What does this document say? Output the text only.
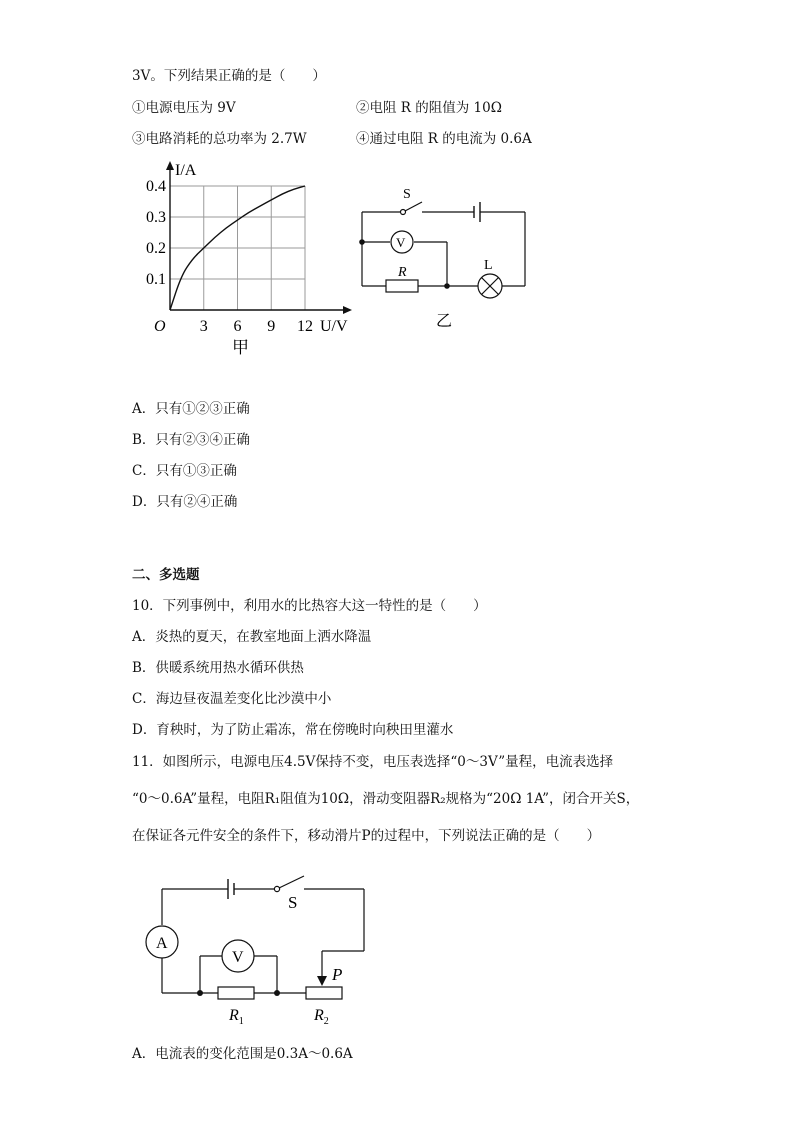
3V。下列结果正确的是（　　）
①电源电压为 9V	②电阻 R 的阻值为 10Ω
③电路消耗的总功率为 2.7W	④通过电阻 R 的电流为 0.6A
3 6 9 12
0.1
0.2
0.3
0.4
O	U/V
I/A
甲
S
V
R	L
乙
A．只有①②③正确
B．只有②③④正确
C．只有①③正确
D．只有②④正确
二、多选题
10．下列事例中，利用水的比热容大这一特性的是（　　）
A．炎热的夏天，在教室地面上洒水降温
B．供暖系统用热水循环供热
C．海边昼夜温差变化比沙漠中小
D．育秧时，为了防止霜冻，常在傍晚时向秧田里灌水
11．如图所示，电源电压4.5V保持不变，电压表选择“0～3V”量程，电流表选择
“0～0.6A”量程，电阻R₁阻值为10Ω，滑动变阻器R₂规格为“20Ω 1A”，闭合开关S，
在保证各元件安全的条件下，移动滑片P的过程中，下列说法正确的是（　　）
A
V
S
P
$R_1$	$R_2$
A．电流表的变化范围是0.3A～0.6A
